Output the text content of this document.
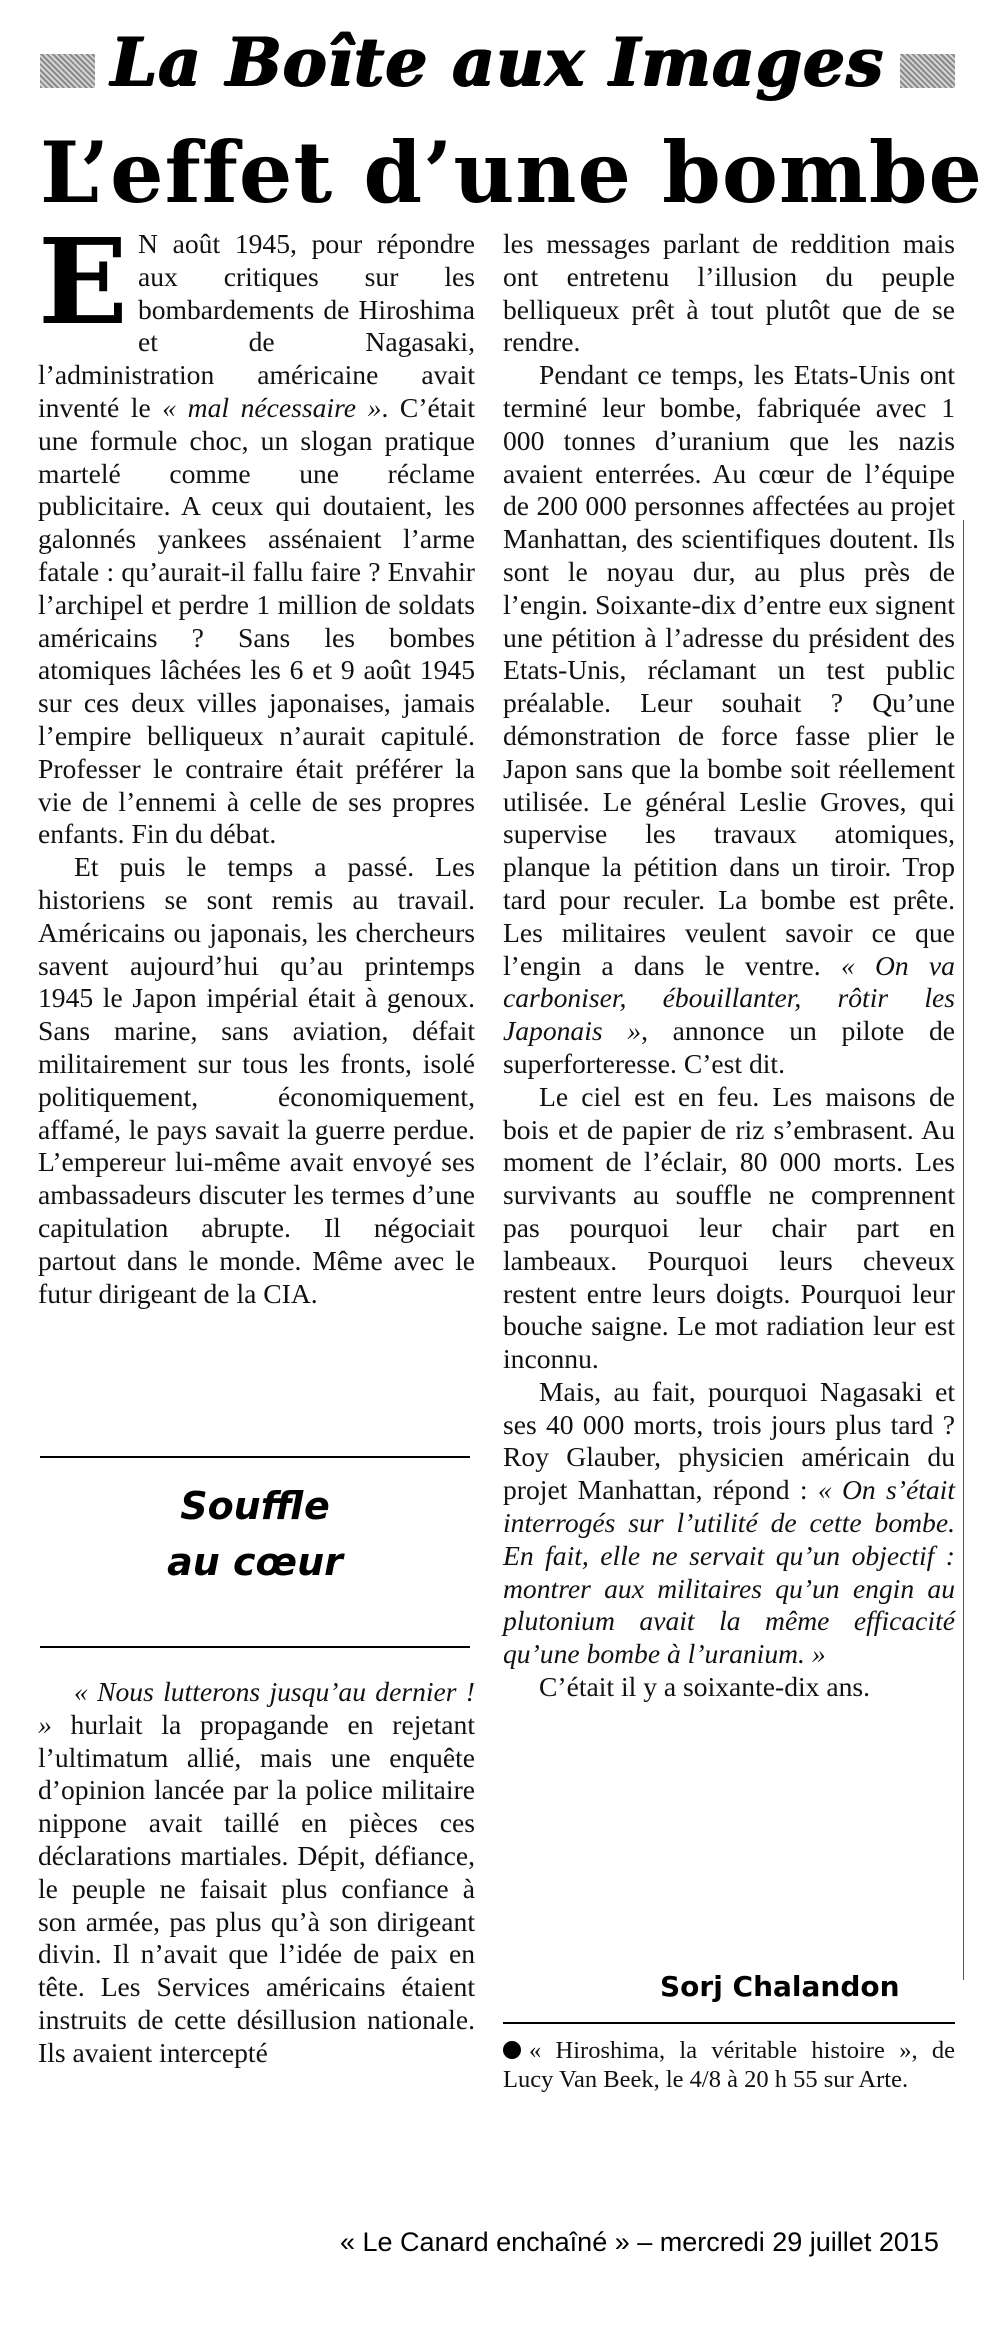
La Boîte aux Images
L’effet d’une bombe

E N août 1945, pour répondre aux critiques sur les bombardements de Hiroshima et de Nagasaki, l’administration américaine avait inventé le « mal nécessaire ». C’était une formule choc, un slogan pratique martelé comme une réclame publicitaire. A ceux qui doutaient, les galonnés yankees assénaient l’arme fatale : qu’aurait-il fallu faire ? Envahir l’archipel et perdre 1 million de soldats américains ? Sans les bombes atomiques lâchées les 6 et 9 août 1945 sur ces deux villes japonaises, jamais l’empire belliqueux n’aurait capitulé. Professer le contraire était préférer la vie de l’ennemi à celle de ses propres enfants. Fin du débat.

Et puis le temps a passé. Les historiens se sont remis au travail. Américains ou japonais, les chercheurs savent aujourd’hui qu’au printemps 1945 le Japon impérial était à genoux. Sans marine, sans aviation, défait militairement sur tous les fronts, isolé politiquement, économiquement, affamé, le pays savait la guerre perdue. L’empereur lui-même avait envoyé ses ambassadeurs discuter les termes d’une capitulation abrupte. Il négociait partout dans le monde. Même avec le futur dirigeant de la CIA.

Souffle
au cœur

« Nous lutterons jusqu’au dernier ! » hurlait la propagande en rejetant l’ultimatum allié, mais une enquête d’opinion lancée par la police militaire nippone avait taillé en pièces ces déclarations martiales. Dépit, défiance, le peuple ne faisait plus confiance à son armée, pas plus qu’à son dirigeant divin. Il n’avait que l’idée de paix en tête. Les Services américains étaient instruits de cette désillusion nationale. Ils avaient intercepté

les messages parlant de reddition mais ont entretenu l’illusion du peuple belliqueux prêt à tout plutôt que de se rendre.

Pendant ce temps, les Etats-Unis ont terminé leur bombe, fabriquée avec 1 000 tonnes d’uranium que les nazis avaient enterrées. Au cœur de l’équipe de 200 000 personnes affectées au projet Manhattan, des scientifiques doutent. Ils sont le noyau dur, au plus près de l’engin. Soixante-dix d’entre eux signent une pétition à l’adresse du président des Etats-Unis, réclamant un test public préalable. Leur souhait ? Qu’une démonstration de force fasse plier le Japon sans que la bombe soit réellement utilisée. Le général Leslie Groves, qui supervise les travaux atomiques, planque la pétition dans un tiroir. Trop tard pour reculer. La bombe est prête. Les militaires veulent savoir ce que l’engin a dans le ventre. « On va carboniser, ébouillanter, rôtir les Japonais », annonce un pilote de superforteresse. C’est dit.

Le ciel est en feu. Les maisons de bois et de papier de riz s’embrasent. Au moment de l’éclair, 80 000 morts. Les survivants au souffle ne comprennent pas pourquoi leur chair part en lambeaux. Pourquoi leurs cheveux restent entre leurs doigts. Pourquoi leur bouche saigne. Le mot radiation leur est inconnu.

Mais, au fait, pourquoi Nagasaki et ses 40 000 morts, trois jours plus tard ? Roy Glauber, physicien américain du projet Manhattan, répond : « On s’était interrogés sur l’utilité de cette bombe. En fait, elle ne servait qu’un objectif : montrer aux militaires qu’un engin au plutonium avait la même efficacité qu’une bombe à l’uranium. »

C’était il y a soixante-dix ans.

Sorj Chalandon
« Hiroshima, la véritable histoire », de Lucy Van Beek, le 4/8 à 20 h 55 sur Arte.
« Le Canard enchaîné » – mercredi 29 juillet 2015
